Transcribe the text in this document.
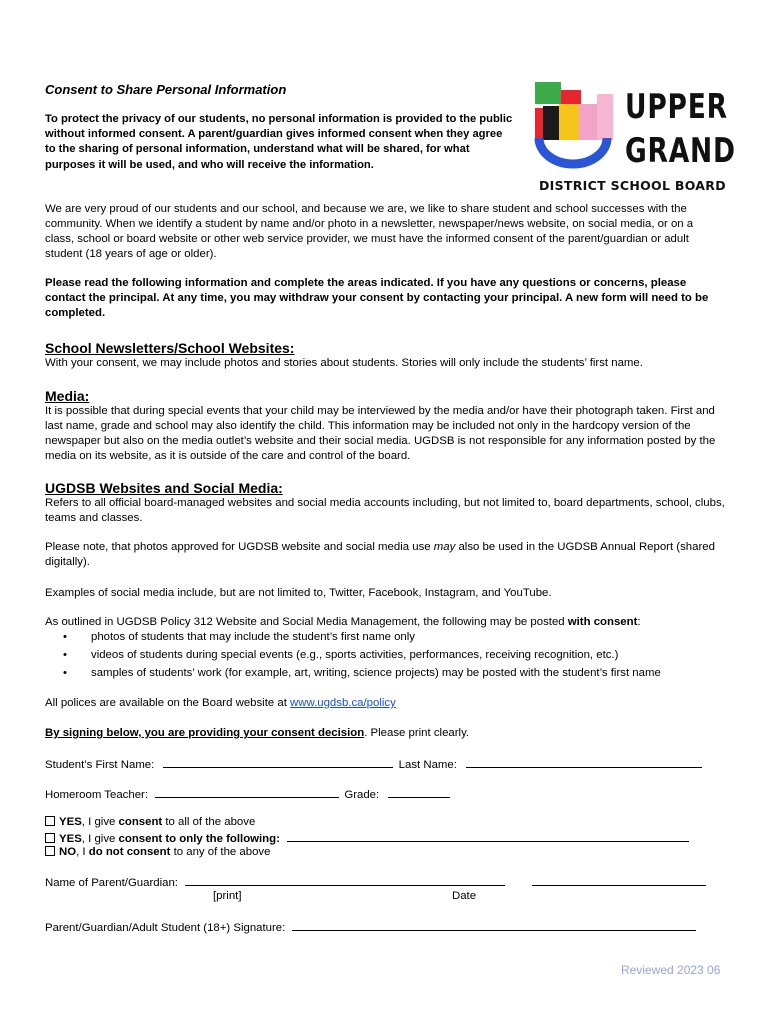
Consent to Share Personal Information

To protect the privacy of our students, no personal information is provided to the public without informed consent. A parent/guardian gives informed consent when they agree to the sharing of personal information, understand what will be shared, for what purposes it will be used, and who will receive the information.

UPPER
GRAND
DISTRICT SCHOOL BOARD

We are very proud of our students and our school, and because we are, we like to share student and school successes with the community. When we identify a student by name and/or photo in a newsletter, newspaper/news website, on social media, or on a class, school or board website or other web service provider, we must have the informed consent of the parent/guardian or adult student (18 years of age or older).

Please read the following information and complete the areas indicated. If you have any questions or concerns, please contact the principal. At any time, you may withdraw your consent by contacting your principal. A new form will need to be completed.

School Newsletters/School Websites:

With your consent, we may include photos and stories about students. Stories will only include the students’ first name.

Media:

It is possible that during special events that your child may be interviewed by the media and/or have their photograph taken. First and last name, grade and school may also identify the child. This information may be included not only in the hardcopy version of the newspaper but also on the media outlet’s website and their social media. UGDSB is not responsible for any information posted by the media on its website, as it is outside of the care and control of the board.

UGDSB Websites and Social Media:

Refers to all official board-managed websites and social media accounts including, but not limited to, board departments, school, clubs, teams and classes.

Please note, that photos approved for UGDSB website and social media use may also be used in the UGDSB Annual Report (shared digitally).

Examples of social media include, but are not limited to, Twitter, Facebook, Instagram, and YouTube.

As outlined in UGDSB Policy 312 Website and Social Media Management, the following may be posted with consent:

• photos of students that may include the student’s first name only
• videos of students during special events (e.g., sports activities, performances, receiving recognition, etc.)
• samples of students’ work (for example, art, writing, science projects) may be posted with the student’s first name

All polices are available on the Board website at www.ugdsb.ca/policy

By signing below, you are providing your consent decision. Please print clearly.

Student’s First Name:	Last Name:
Homeroom Teacher:	Grade:
YES, I give consent to all of the above
YES, I give consent to only the following:
NO, I do not consent to any of the above
Name of Parent/Guardian:
[print]	Date
Parent/Guardian/Adult Student (18+) Signature:
Reviewed 2023 06
